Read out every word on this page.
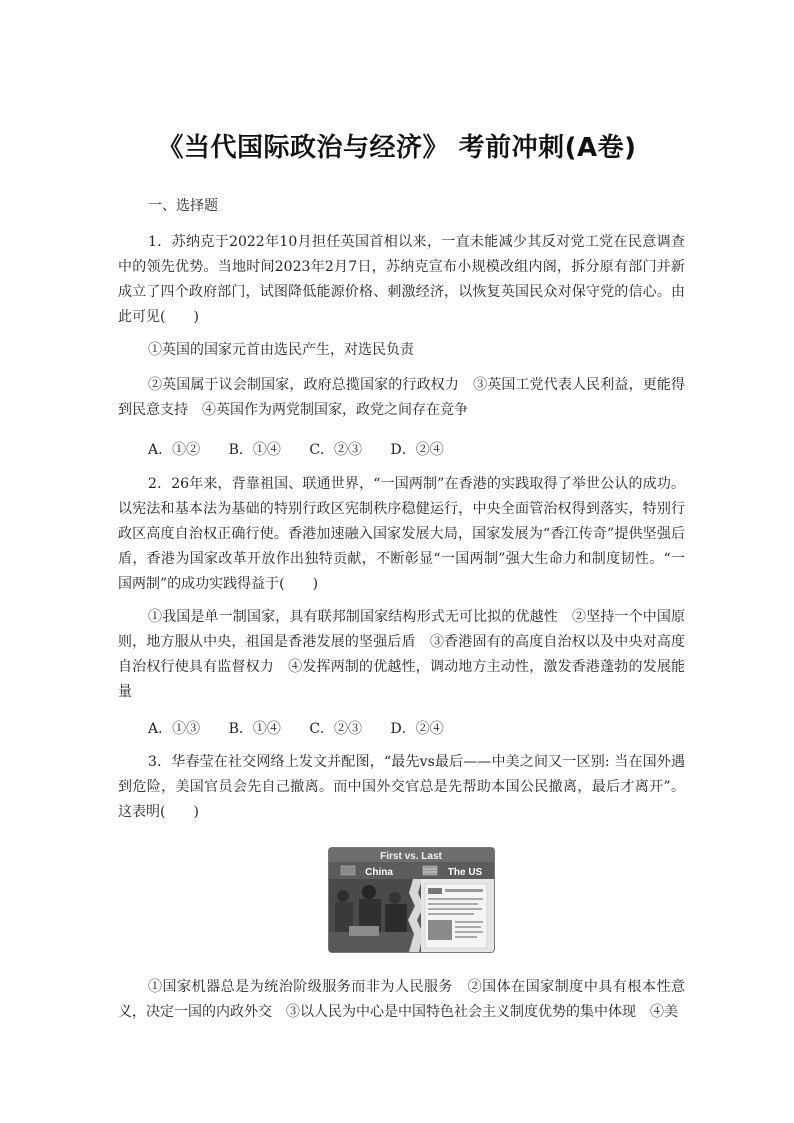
《当代国际政治与经济》 考前冲刺(A卷)
一、选择题

1．苏纳克于2022年10月担任英国首相以来，一直未能减少其反对党工党在民意调查中的领先优势。当地时间2023年2月7日，苏纳克宣布小规模改组内阁，拆分原有部门并新成立了四个政府部门，试图降低能源价格、刺激经济，以恢复英国民众对保守党的信心。由此可见(　　)

①英国的国家元首由选民产生，对选民负责

②英国属于议会制国家，政府总揽国家的行政权力　③英国工党代表人民利益，更能得到民意支持　④英国作为两党制国家，政党之间存在竞争

A．①② B．①④ C．②③ D．②④

2．26年来，背靠祖国、联通世界，“一国两制”在香港的实践取得了举世公认的成功。以宪法和基本法为基础的特别行政区宪制秩序稳健运行，中央全面管治权得到落实，特别行政区高度自治权正确行使。香港加速融入国家发展大局，国家发展为“香江传奇”提供坚强后盾，香港为国家改革开放作出独特贡献，不断彰显“一国两制”强大生命力和制度韧性。“一国两制”的成功实践得益于(　　)

①我国是单一制国家，具有联邦制国家结构形式无可比拟的优越性　②坚持一个中国原则，地方服从中央，祖国是香港发展的坚强后盾　③香港固有的高度自治权以及中央对高度自治权行使具有监督权力　④发挥两制的优越性，调动地方主动性，激发香港蓬勃的发展能量

A．①③ B．①④ C．②③ D．②④

3．华春莹在社交网络上发文并配图，“最先vs最后——中美之间又一区别: 当在国外遇到危险，美国官员会先自己撤离。而中国外交官总是先帮助本国公民撤离，最后才离开”。这表明(　　)

First vs. Last
China	The US

①国家机器总是为统治阶级服务而非为人民服务　②国体在国家制度中具有根本性意义，决定一国的内政外交　③以人民为中心是中国特色社会主义制度优势的集中体现　④美
